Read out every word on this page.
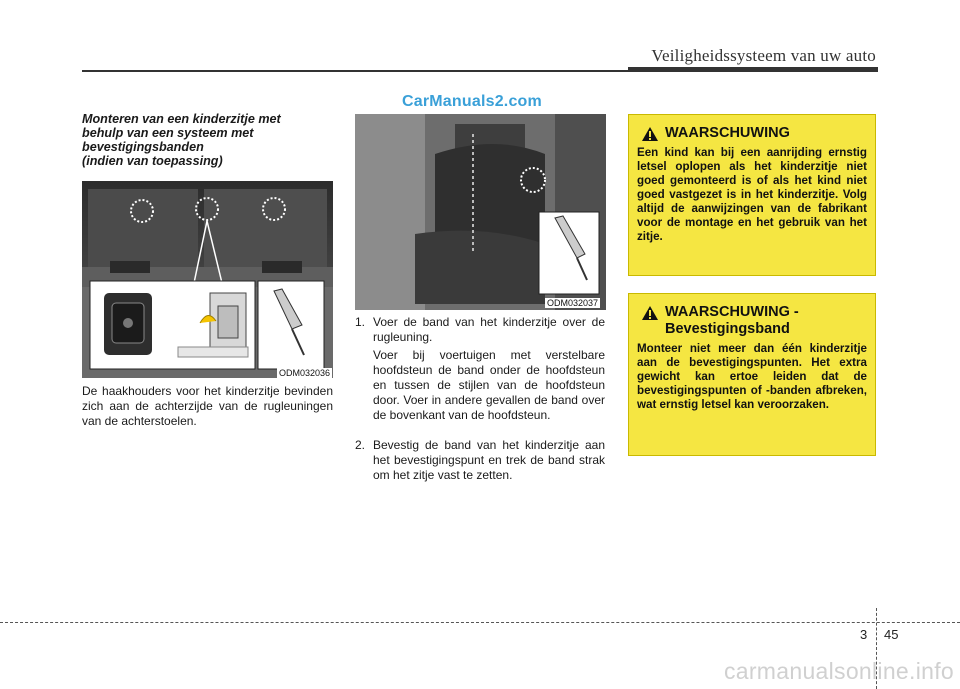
Veiligheidssysteem van uw auto
CarManuals2.com
Monteren van een kinderzitje met
behulp van een systeem met
bevestigingsbanden
(indien van toepassing)
ODM032036
De haakhouders voor het kinderzitje bevinden zich aan de achterzijde van de rugleuningen van de achterstoelen.
ODM032037
1. Voer de band van het kinderzitje over de rugleuning.
Voer bij voertuigen met verstelbare hoofdsteun de band onder de hoofdsteun en tussen de stijlen van de hoofdsteun door. Voer in andere gevallen de band over de bovenkant van de hoofdsteun.
2. Bevestig de band van het kinderzitje aan het bevestigingspunt en trek de band strak om het zitje vast te zetten.
WAARSCHUWING
Een kind kan bij een aanrijding ernstig letsel oplopen als het kinderzitje niet goed gemonteerd is of als het kind niet goed vastgezet is in het kinderzitje. Volg altijd de aanwijzingen van de fabrikant voor de montage en het gebruik van het zitje.
WAARSCHUWING -
Bevestigingsband
Monteer niet meer dan één kinderzitje aan de bevestigingspunten. Het extra gewicht kan ertoe leiden dat de bevestigingspunten of -banden afbreken, wat ernstig letsel kan veroorzaken.
3 45
carmanualsonline.info
